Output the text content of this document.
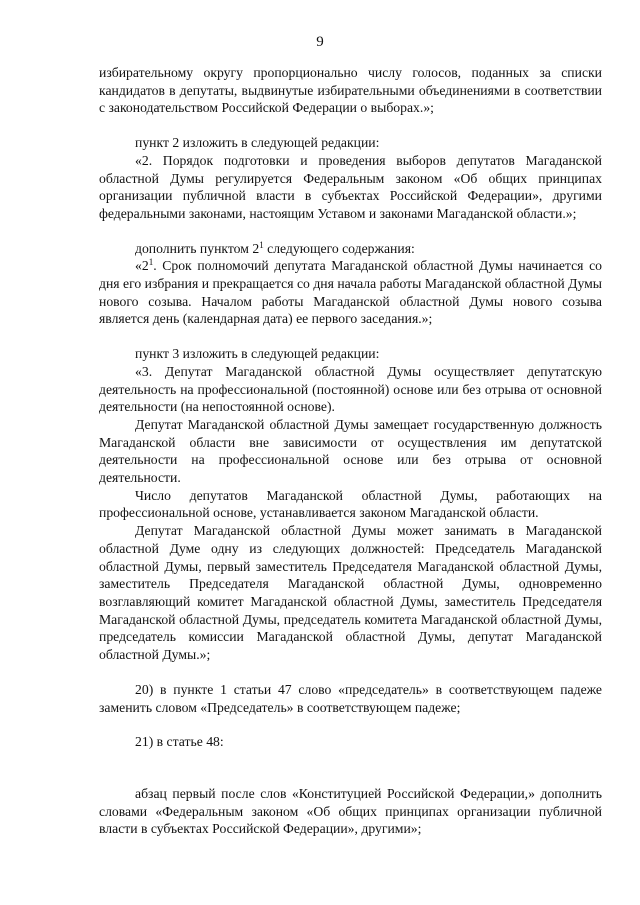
9

избирательному округу пропорционально числу голосов, поданных за списки кандидатов в депутаты, выдвинутые избирательными объединениями в соответствии с законодательством Российской Федерации о выборах.»;

пункт 2 изложить в следующей редакции:

«2. Порядок подготовки и проведения выборов депутатов Магаданской областной Думы регулируется Федеральным законом «Об общих принципах организации публичной власти в субъектах Российской Федерации», другими федеральными законами, настоящим Уставом и законами Магаданской области.»;

дополнить пунктом $2^1$ следующего содержания:

«$2^1$. Срок полномочий депутата Магаданской областной Думы начинается со дня его избрания и прекращается со дня начала работы Магаданской областной Думы нового созыва. Началом работы Магаданской областной Думы нового созыва является день (календарная дата) ее первого заседания.»;

пункт 3 изложить в следующей редакции:

«3. Депутат Магаданской областной Думы осуществляет депутатскую деятельность на профессиональной (постоянной) основе или без отрыва от основной деятельности (на непостоянной основе).

Депутат Магаданской областной Думы замещает государственную должность Магаданской области вне зависимости от осуществления им депутатской деятельности на профессиональной основе или без отрыва от основной деятельности.

Число депутатов Магаданской областной Думы, работающих на профессиональной основе, устанавливается законом Магаданской области.

Депутат Магаданской областной Думы может занимать в Магаданской областной Думе одну из следующих должностей: Председатель Магаданской областной Думы, первый заместитель Председателя Магаданской областной Думы, заместитель Председателя Магаданской областной Думы, одновременно возглавляющий комитет Магаданской областной Думы, заместитель Председателя Магаданской областной Думы, председатель комитета Магаданской областной Думы, председатель комиссии Магаданской областной Думы, депутат Магаданской областной Думы.»;

20) в пункте 1 статьи 47 слово «председатель» в соответствующем падеже заменить словом «Председатель» в соответствующем падеже;

21) в статье 48:

абзац первый после слов «Конституцией Российской Федерации,» дополнить словами «Федеральным законом «Об общих принципах организации публичной власти в субъектах Российской Федерации», другими»;
